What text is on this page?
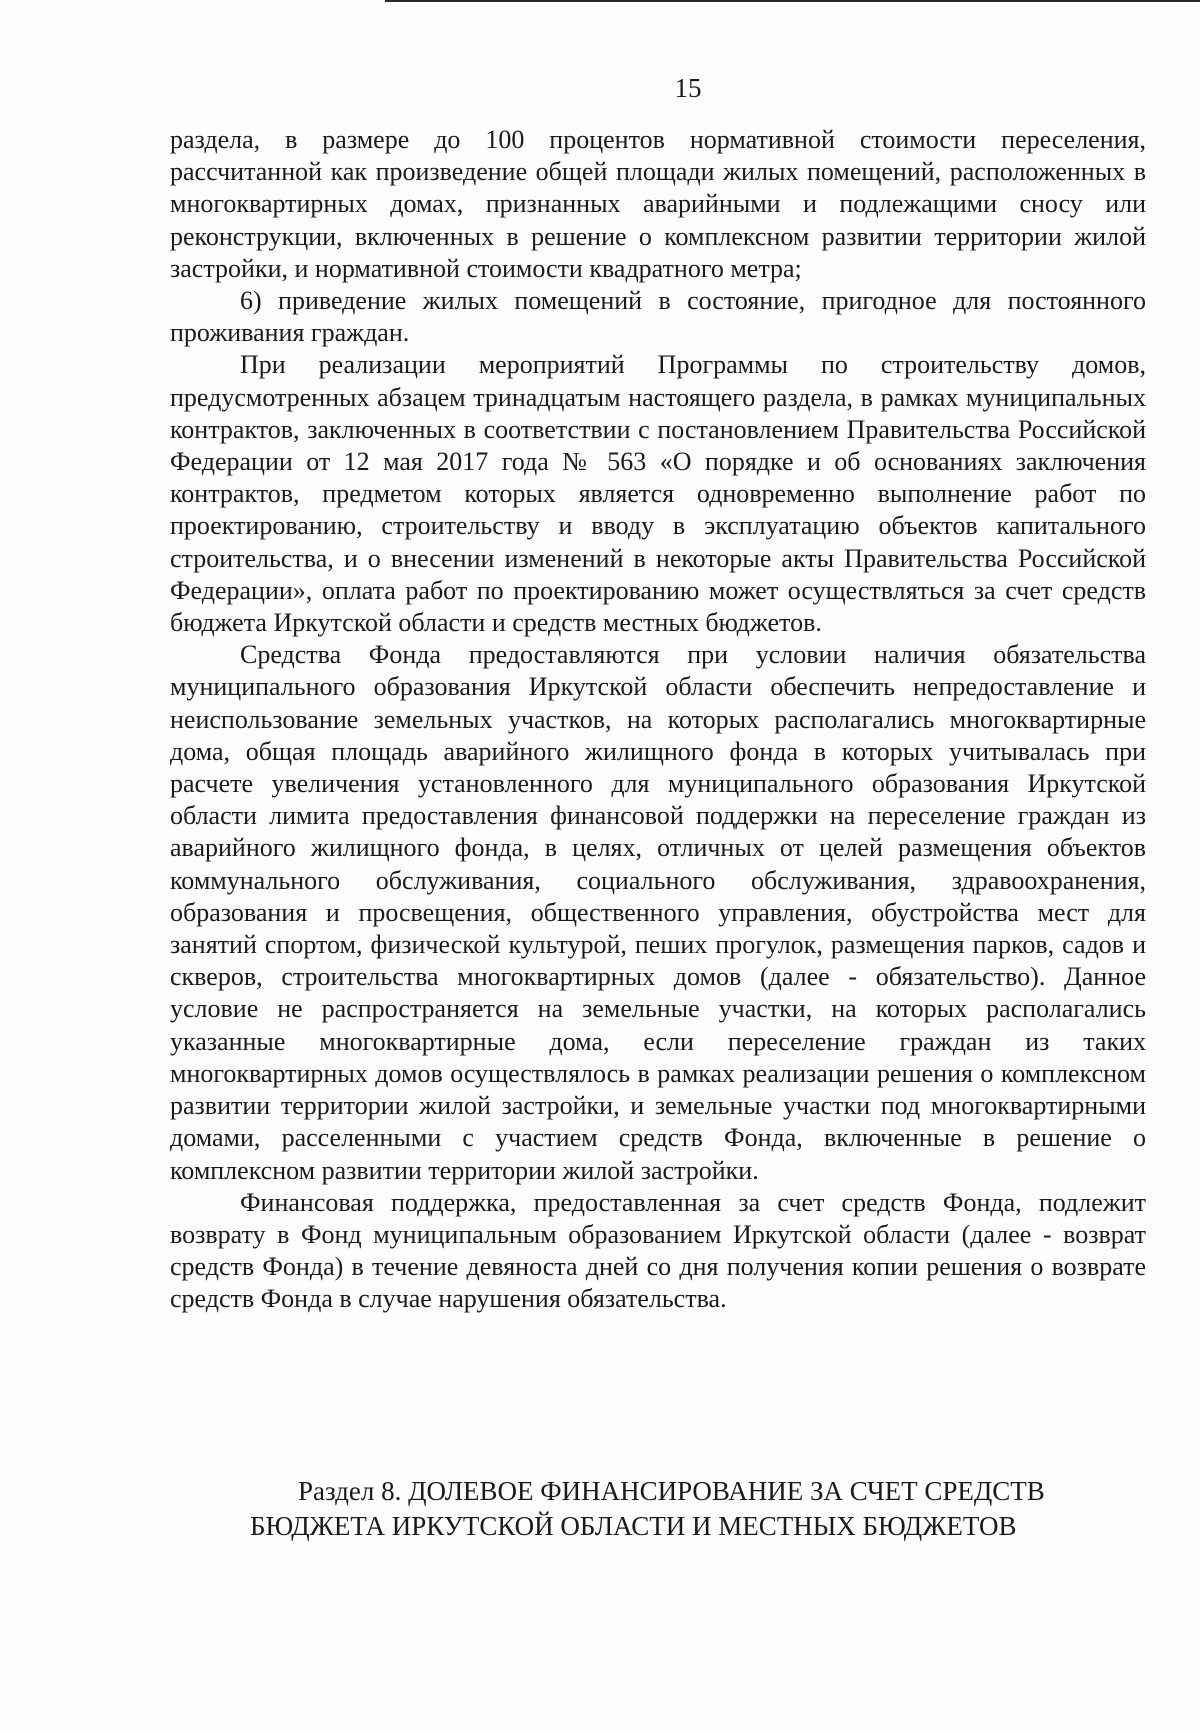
15

раздела, в размере до 100 процентов нормативной стоимости переселения, рассчитанной как произведение общей площади жилых помещений, расположенных в многоквартирных домах, признанных аварийными и подлежащими сносу или реконструкции, включенных в решение о комплексном развитии территории жилой застройки, и нормативной стоимости квадратного метра;

6) приведение жилых помещений в состояние, пригодное для постоянного проживания граждан.

При реализации мероприятий Программы по строительству домов, предусмотренных абзацем тринадцатым настоящего раздела, в рамках муниципальных контрактов, заключенных в соответствии с постановлением Правительства Российской Федерации от 12 мая 2017 года № 563 «О порядке и об основаниях заключения контрактов, предметом которых является одновременно выполнение работ по проектированию, строительству и вводу в эксплуатацию объектов капитального строительства, и о внесении изменений в некоторые акты Правительства Российской Федерации», оплата работ по проектированию может осуществляться за счет средств бюджета Иркутской области и средств местных бюджетов.

Средства Фонда предоставляются при условии наличия обязательства муниципального образования Иркутской области обеспечить непредоставление и неиспользование земельных участков, на которых располагались многоквартирные дома, общая площадь аварийного жилищного фонда в которых учитывалась при расчете увеличения установленного для муниципального образования Иркутской области лимита предоставления финансовой поддержки на переселение граждан из аварийного жилищного фонда, в целях, отличных от целей размещения объектов коммунального обслуживания, социального обслуживания, здравоохранения, образования и просвещения, общественного управления, обустройства мест для занятий спортом, физической культурой, пеших прогулок, размещения парков, садов и скверов, строительства многоквартирных домов (далее - обязательство). Данное условие не распространяется на земельные участки, на которых располагались указанные многоквартирные дома, если переселение граждан из таких многоквартирных домов осуществлялось в рамках реализации решения о комплексном развитии территории жилой застройки, и земельные участки под многоквартирными домами, расселенными с участием средств Фонда, включенные в решение о комплексном развитии территории жилой застройки.

Финансовая поддержка, предоставленная за счет средств Фонда, подлежит возврату в Фонд муниципальным образованием Иркутской области (далее - возврат средств Фонда) в течение девяноста дней со дня получения копии решения о возврате средств Фонда в случае нарушения обязательства.

Раздел 8. ДОЛЕВОЕ ФИНАНСИРОВАНИЕ ЗА СЧЕТ СРЕДСТВ
БЮДЖЕТА ИРКУТСКОЙ ОБЛАСТИ И МЕСТНЫХ БЮДЖЕТОВ
